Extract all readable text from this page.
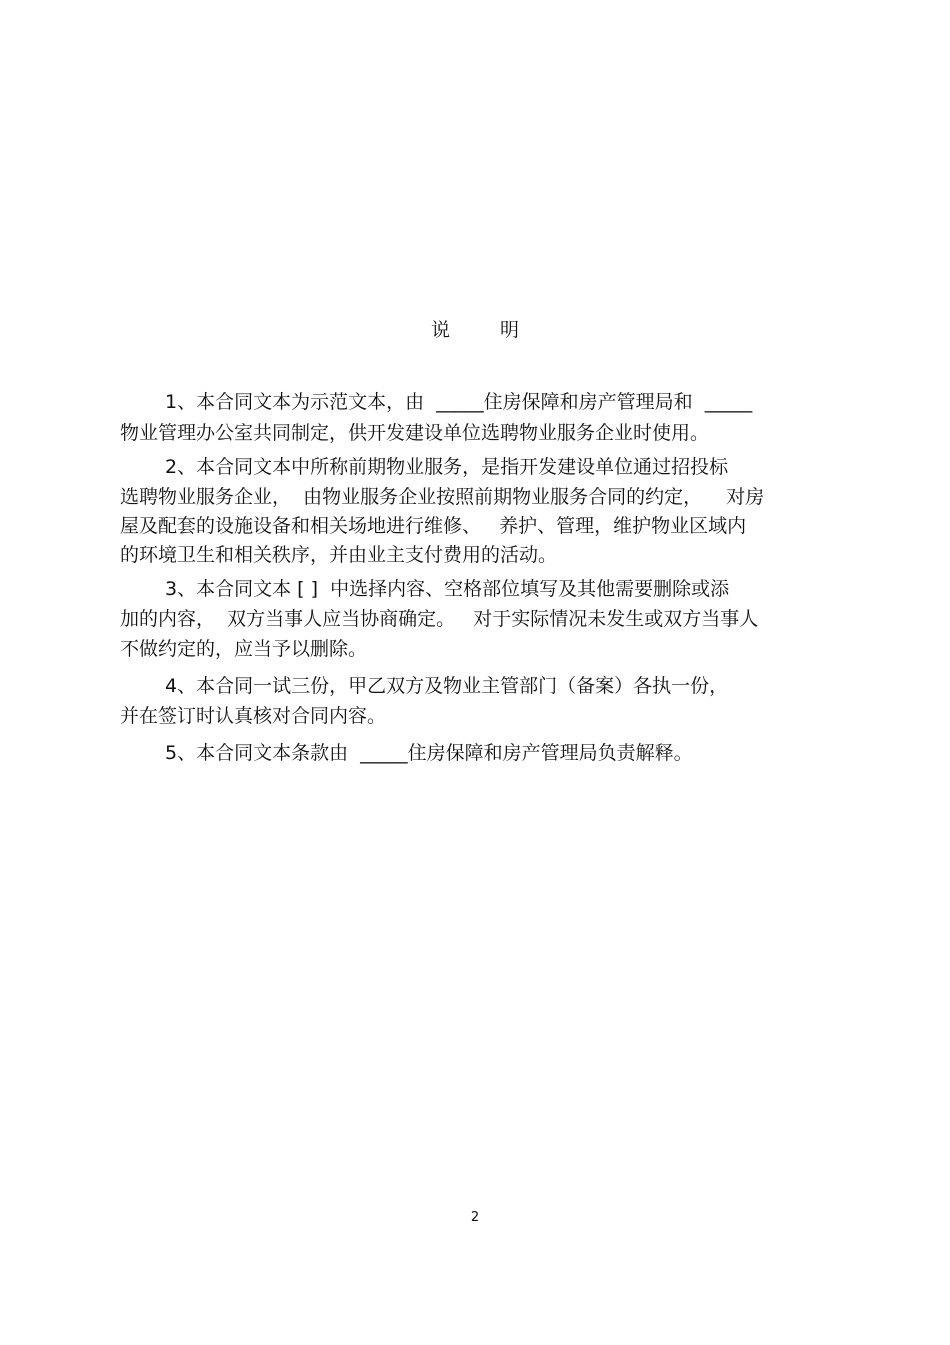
说 明
1、本合同文本为示范文本，由  _____住房保障和房产管理局和  _____
物业管理办公室共同制定，供开发建设单位选聘物业服务企业时使用。
2、本合同文本中所称前期物业服务，是指开发建设单位通过招投标
选聘物业服务企业，  由物业服务企业按照前期物业服务合同的约定，    对房
屋及配套的设施设备和相关场地进行维修、   养护、管理，维护物业区域内
的环境卫生和相关秩序，并由业主支付费用的活动。
3、本合同文本 [ ]  中选择内容、空格部位填写及其他需要删除或添
加的内容，  双方当事人应当协商确定。   对于实际情况未发生或双方当事人
不做约定的，应当予以删除。
4、本合同一试三份，甲乙双方及物业主管部门（备案）各执一份，
并在签订时认真核对合同内容。
5、本合同文本条款由  _____住房保障和房产管理局负责解释。
2
